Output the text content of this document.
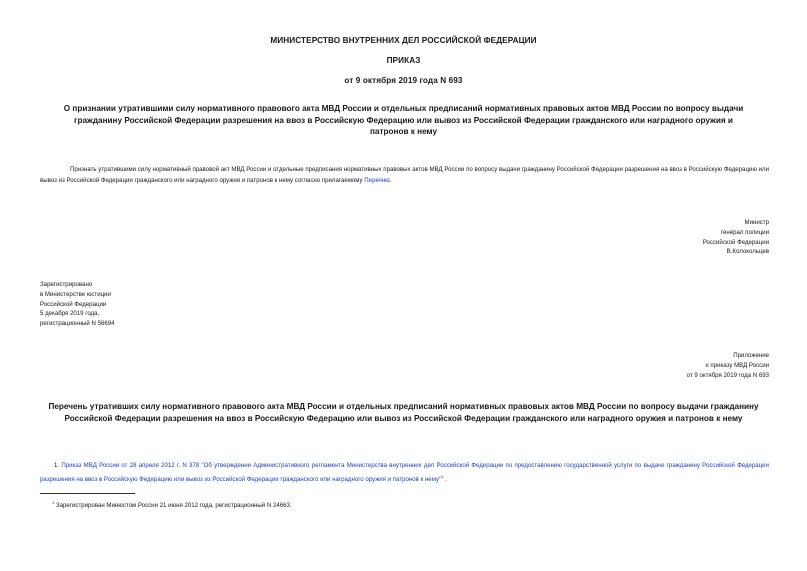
МИНИСТЕРСТВО ВНУТРЕННИХ ДЕЛ РОССИЙСКОЙ ФЕДЕРАЦИИ
ПРИКАЗ
от 9 октября 2019 года N 693
О признании утратившими силу нормативного правового акта МВД России и отдельных предписаний нормативных правовых актов МВД России по вопросу выдачи гражданину Российской Федерации разрешения на ввоз в Российскую Федерацию или вывоз из Российской Федерации гражданского или наградного оружия и патронов к нему
Признать утратившими силу нормативный правовой акт МВД России и отдельные предписания нормативных правовых актов МВД России по вопросу выдачи гражданину Российской Федерации разрешения на ввоз в Российскую Федерацию или вывоз из Российской Федерации гражданского или наградного оружия и патронов к нему согласно прилагаемому Перечню.
Министр
генерал полиции
Российской Федерации
В.Колокольцев
Зарегистрировано
в Министерстве юстиции
Российской Федерации
5 декабря 2019 года,
регистрационный N 56694
Приложение
к приказу МВД России
от 9 октября 2019 года N 693
Перечень утративших силу нормативного правового акта МВД России и отдельных предписаний нормативных правовых актов МВД России по вопросу выдачи гражданину Российской Федерации разрешения на ввоз в Российскую Федерацию или вывоз из Российской Федерации гражданского или наградного оружия и патронов к нему
1. Приказ МВД России от 28 апреля 2012 г. N 378 "Об утверждении Административного регламента Министерства внутренних дел Российской Федерации по предоставлению государственной услуги по выдаче гражданину Российской Федерации разрешения на ввоз в Российскую Федерацию или вывоз из Российской Федерации гражданского или наградного оружия и патронов к нему"$^1$ .
$^1$ Зарегистрирован Минюстом России 21 июня 2012 года, регистрационный N 24663.
